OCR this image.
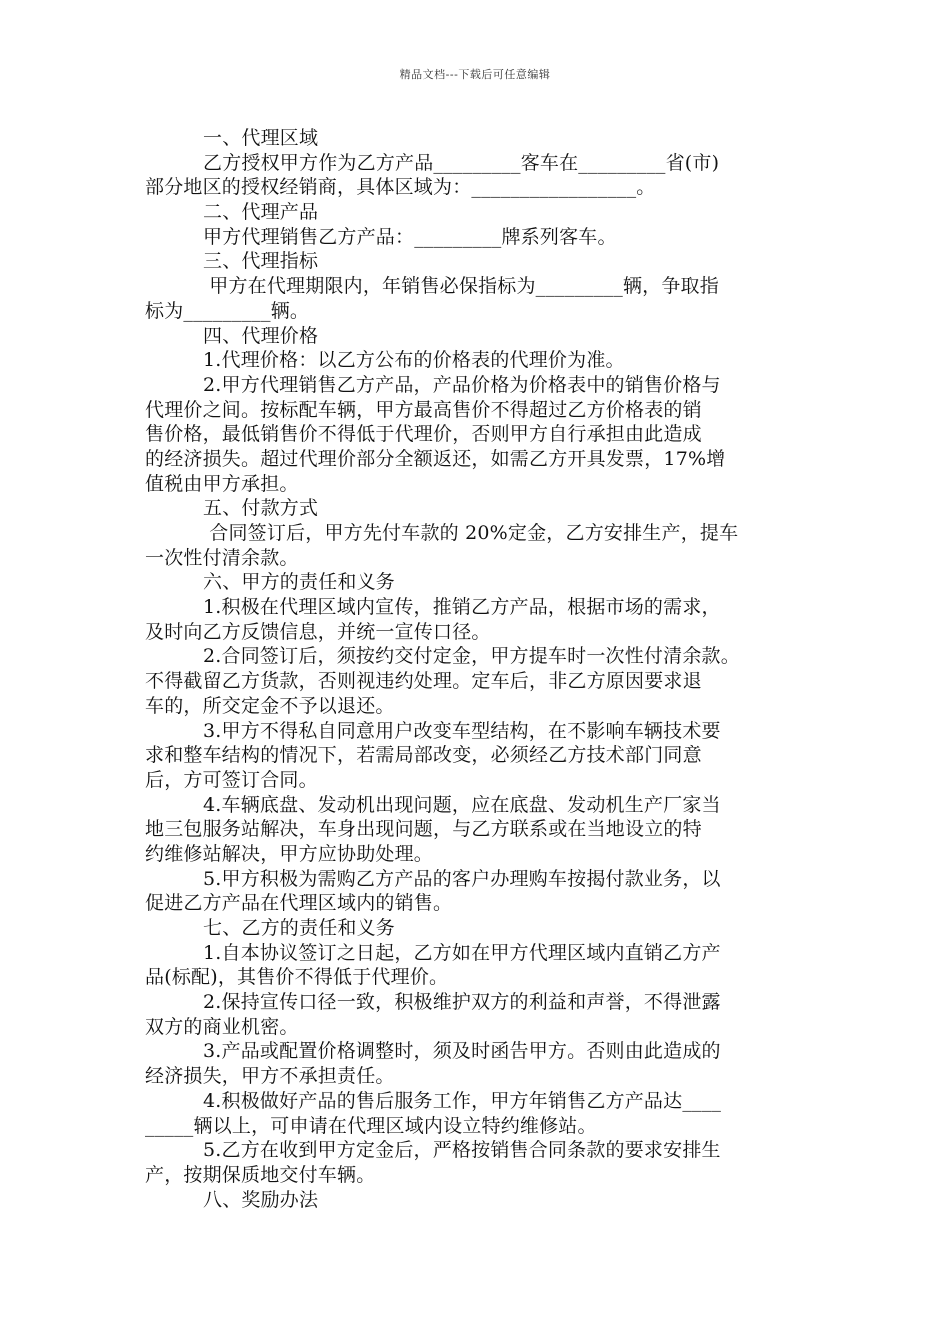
精品文档---下载后可任意编辑
一、代理区域
乙方授权甲方作为乙方产品_________客车在_________省(市)
部分地区的授权经销商，具体区域为：_________________。
二、代理产品
甲方代理销售乙方产品：_________牌系列客车。
三、代理指标
甲方在代理期限内，年销售必保指标为_________辆，争取指
标为_________辆。
四、代理价格
1.代理价格：以乙方公布的价格表的代理价为准。
2.甲方代理销售乙方产品，产品价格为价格表中的销售价格与
代理价之间。按标配车辆，甲方最高售价不得超过乙方价格表的销
售价格，最低销售价不得低于代理价，否则甲方自行承担由此造成
的经济损失。超过代理价部分全额返还，如需乙方开具发票，17%增
值税由甲方承担。
五、付款方式
合同签订后，甲方先付车款的 20%定金，乙方安排生产，提车
一次性付清余款。
六、甲方的责任和义务
1.积极在代理区域内宣传，推销乙方产品，根据市场的需求，
及时向乙方反馈信息，并统一宣传口径。
2.合同签订后，须按约交付定金，甲方提车时一次性付清余款。
不得截留乙方货款，否则视违约处理。定车后，非乙方原因要求退
车的，所交定金不予以退还。
3.甲方不得私自同意用户改变车型结构，在不影响车辆技术要
求和整车结构的情况下，若需局部改变，必须经乙方技术部门同意
后，方可签订合同。
4.车辆底盘、发动机出现问题，应在底盘、发动机生产厂家当
地三包服务站解决，车身出现问题，与乙方联系或在当地设立的特
约维修站解决，甲方应协助处理。
5.甲方积极为需购乙方产品的客户办理购车按揭付款业务，以
促进乙方产品在代理区域内的销售。
七、乙方的责任和义务
1.自本协议签订之日起，乙方如在甲方代理区域内直销乙方产
品(标配)，其售价不得低于代理价。
2.保持宣传口径一致，积极维护双方的利益和声誉，不得泄露
双方的商业机密。
3.产品或配置价格调整时，须及时函告甲方。否则由此造成的
经济损失，甲方不承担责任。
4.积极做好产品的售后服务工作，甲方年销售乙方产品达____
_____辆以上，可申请在代理区域内设立特约维修站。
5.乙方在收到甲方定金后，严格按销售合同条款的要求安排生
产，按期保质地交付车辆。
八、奖励办法
